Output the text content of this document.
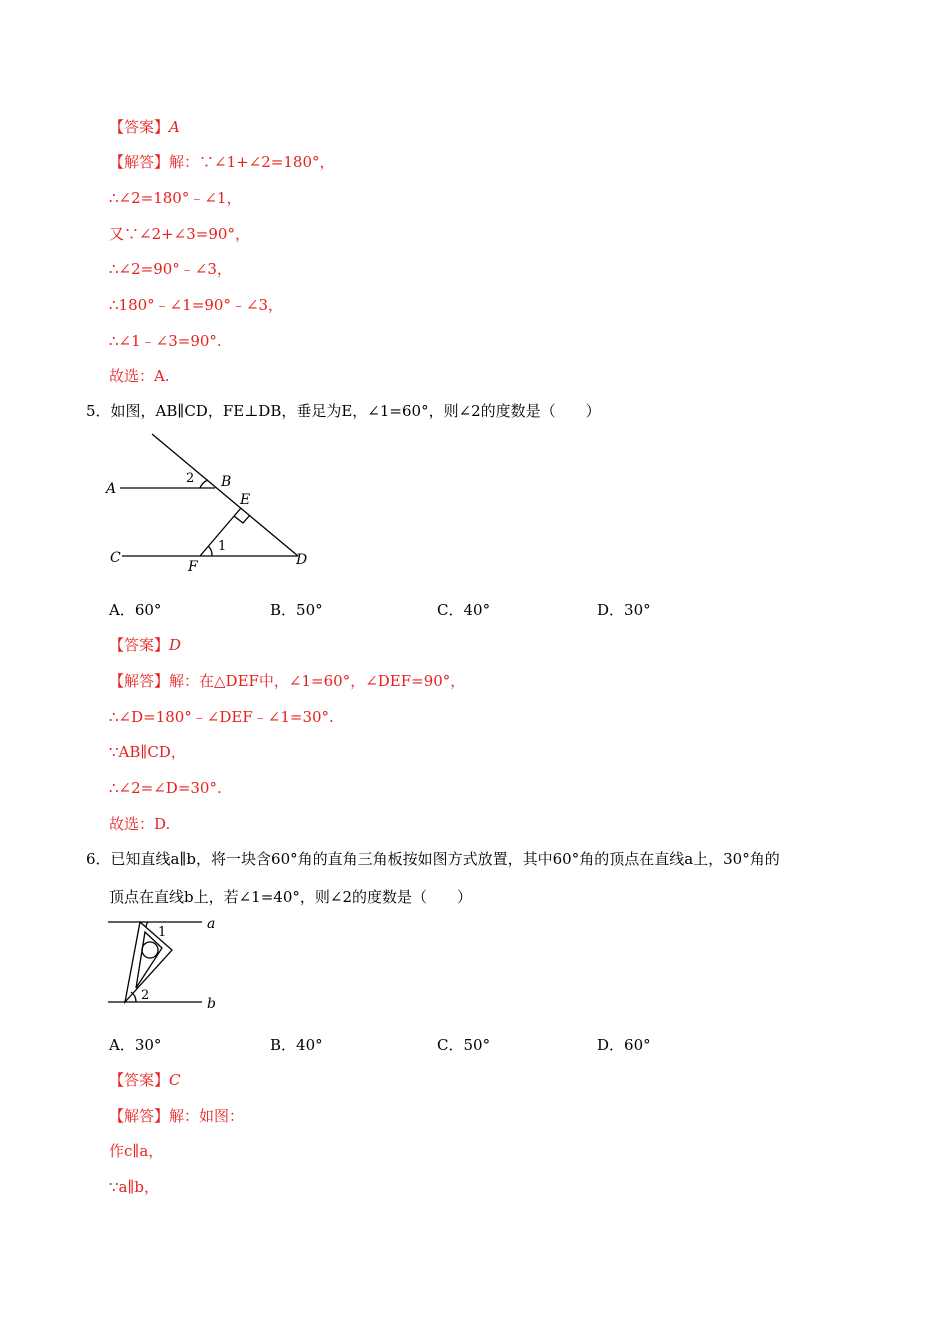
【答案】A
【解答】解：∵∠1+∠2=180°，
∴∠2=180°﹣∠1，
又∵∠2+∠3=90°，
∴∠2=90°﹣∠3，
∴180°﹣∠1=90°﹣∠3，
∴∠1﹣∠3=90°.
故选：A.
5．如图，AB∥CD，FE⊥DB，垂足为E，∠1=60°，则∠2的度数是（　　）
A	B
C	D
E
F
1
2
A．60°	B．50°	C．40°	D．30°
【答案】D
【解答】解：在△DEF中，∠1=60°，∠DEF=90°，
∴∠D=180°﹣∠DEF﹣∠1=30°.
∵AB∥CD，
∴∠2=∠D=30°.
故选：D.
6．已知直线a∥b，将一块含60°角的直角三角板按如图方式放置，其中60°角的顶点在直线a上，30°角的
顶点在直线b上，若∠1=40°，则∠2的度数是（　　）
a
b
1
2
A．30°	B．40°	C．50°	D．60°
【答案】C
【解答】解：如图：
作c∥a，
∵a∥b，
